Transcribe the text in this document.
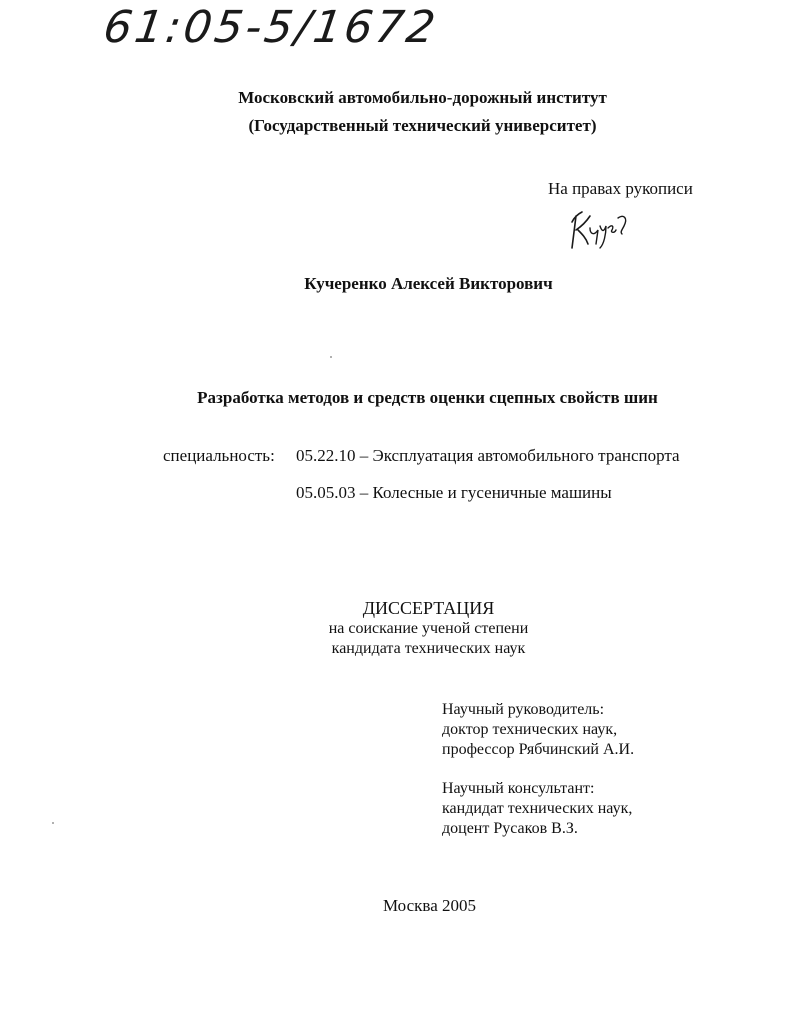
61:05-5/1672
Московский автомобильно-дорожный институт
(Государственный технический университет)
На правах рукописи
Кучеренко Алексей Викторович
Разработка методов и средств оценки сцепных свойств шин
специальность: 05.22.10 – Эксплуатация автомобильного транспорта
05.05.03 – Колесные и гусеничные машины
ДИССЕРТАЦИЯ
на соискание ученой степени
кандидата технических наук
Научный руководитель:
доктор технических наук,
профессор Рябчинский А.И.
Научный консультант:
кандидат технических наук,
доцент Русаков В.З.
Москва 2005
